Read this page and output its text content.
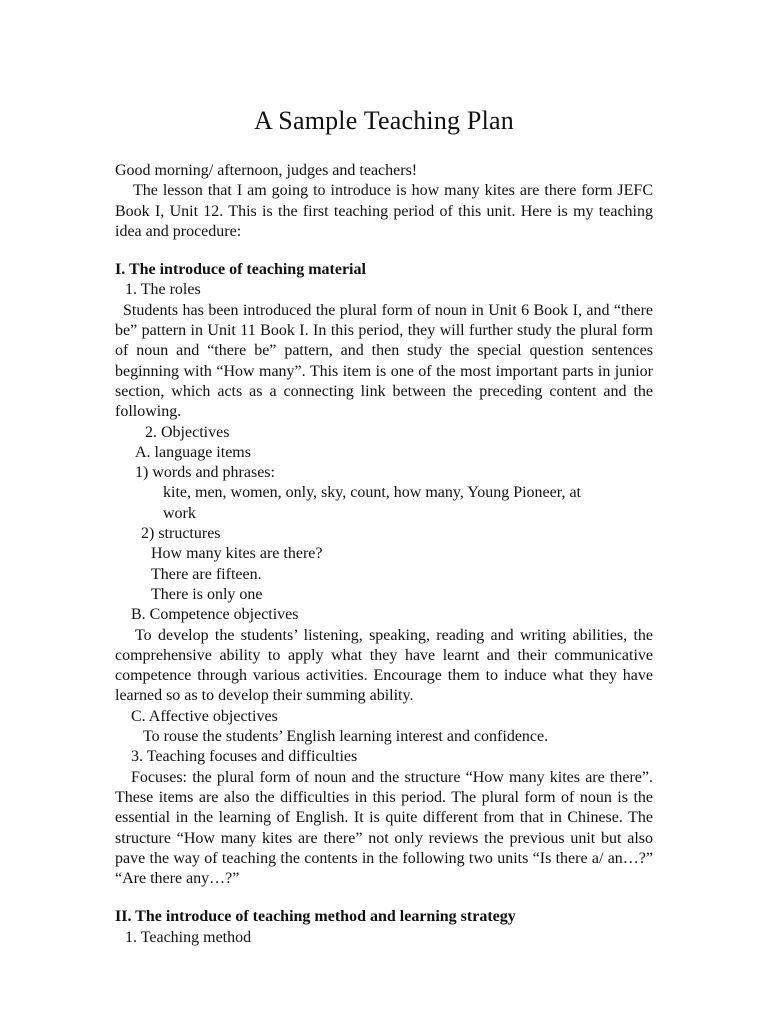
A Sample Teaching Plan

Good morning/ afternoon, judges and teachers!

The lesson that I am going to introduce is how many kites are there form JEFC Book I, Unit 12. This is the first teaching period of this unit. Here is my teaching idea and procedure:

I. The introduce of teaching material

1. The roles

Students has been introduced the plural form of noun in Unit 6 Book I, and “there be” pattern in Unit 11 Book I. In this period, they will further study the plural form of noun and “there be” pattern, and then study the special question sentences beginning with “How many”. This item is one of the most important parts in junior section, which acts as a connecting link between the preceding content and the following.

2. Objectives

A. language items

1) words and phrases:

kite, men, women, only, sky, count, how many, Young Pioneer, at
work

2) structures

How many kites are there?

There are fifteen.

There is only one

B. Competence objectives

To develop the students’ listening, speaking, reading and writing abilities, the comprehensive ability to apply what they have learnt and their communicative competence through various activities. Encourage them to induce what they have learned so as to develop their summing ability.

C. Affective objectives

To rouse the students’ English learning interest and confidence.

3. Teaching focuses and difficulties

Focuses: the plural form of noun and the structure “How many kites are there”. These items are also the difficulties in this period. The plural form of noun is the essential in the learning of English. It is quite different from that in Chinese. The structure “How many kites are there” not only reviews the previous unit but also pave the way of teaching the contents in the following two units “Is there a/ an…?” “Are there any…?”

II. The introduce of teaching method and learning strategy

1. Teaching method
